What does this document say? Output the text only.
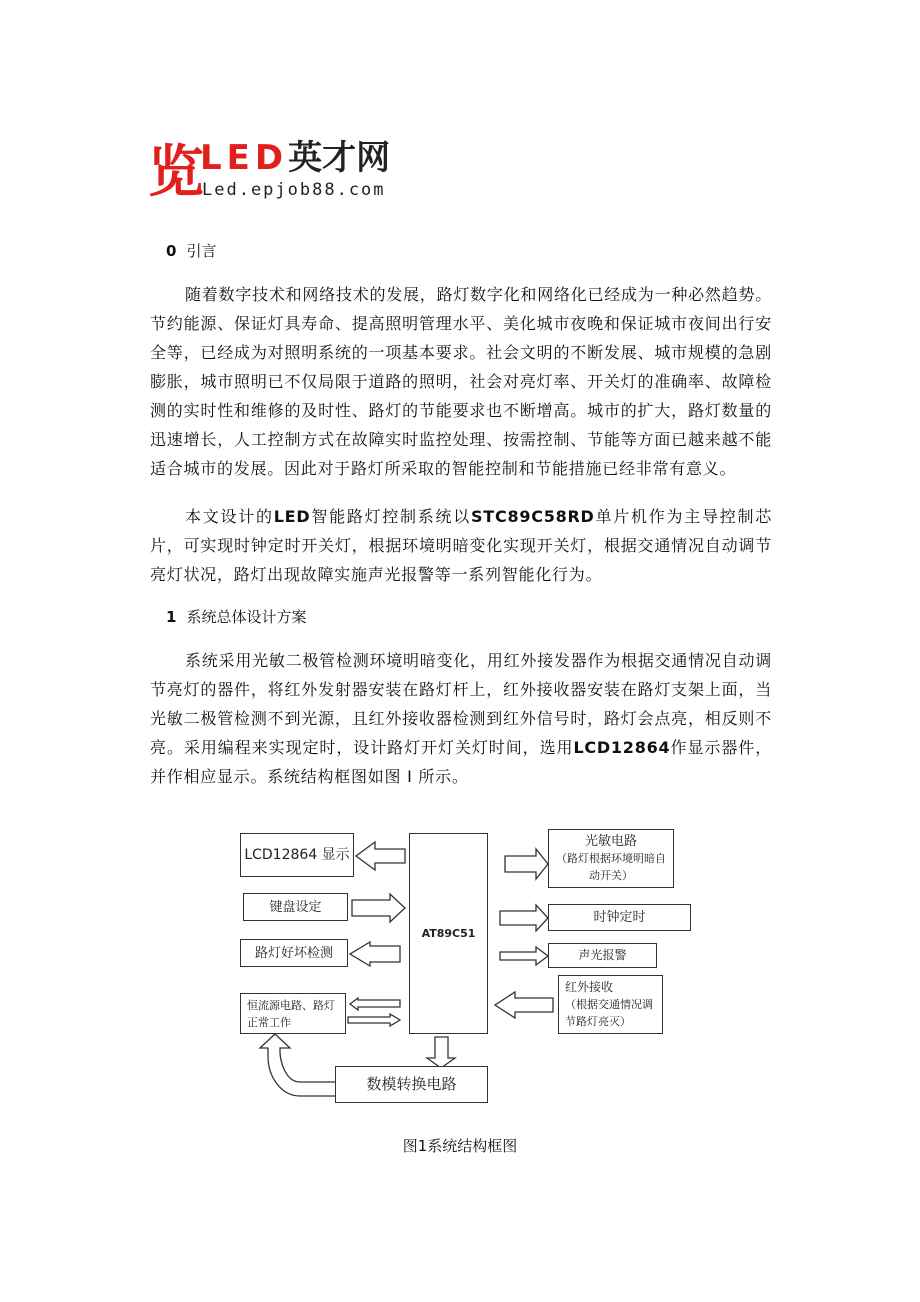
览
LED英才网
Led.epjob88.com
0 引言
随着数字技术和网络技术的发展，路灯数字化和网络化已经成为一种必然趋势。节约能源、保证灯具寿命、提高照明管理水平、美化城市夜晚和保证城市夜间出行安全等，已经成为对照明系统的一项基本要求。社会文明的不断发展、城市规模的急剧膨胀，城市照明已不仅局限于道路的照明，社会对亮灯率、开关灯的准确率、故障检测的实时性和维修的及时性、路灯的节能要求也不断增高。城市的扩大，路灯数量的迅速增长，人工控制方式在故障实时监控处理、按需控制、节能等方面已越来越不能适合城市的发展。因此对于路灯所采取的智能控制和节能措施已经非常有意义。
本文设计的LED智能路灯控制系统以STC89C58RD单片机作为主导控制芯片，可实现时钟定时开关灯，根据环境明暗变化实现开关灯，根据交通情况自动调节亮灯状况，路灯出现故障实施声光报警等一系列智能化行为。
1 系统总体设计方案
系统采用光敏二极管检测环境明暗变化，用红外接发器作为根据交通情况自动调节亮灯的器件，将红外发射器安装在路灯杆上，红外接收器安装在路灯支架上面，当光敏二极管检测不到光源，且红外接收器检测到红外信号时，路灯会点亮，相反则不亮。采用编程来实现定时，设计路灯开灯关灯时间，选用LCD12864作显示器件，并作相应显示。系统结构框图如图 I 所示。
LCD12864 显示
AT89C51
光敏电路
（路灯根据环境明暗自动开关）
键盘设定
时钟定时
路灯好坏检测	声光报警
红外接收
（根据交通情况调节路灯亮灭）
恒流源电路、路灯正常工作
数模转换电路
图1系统结构框图
